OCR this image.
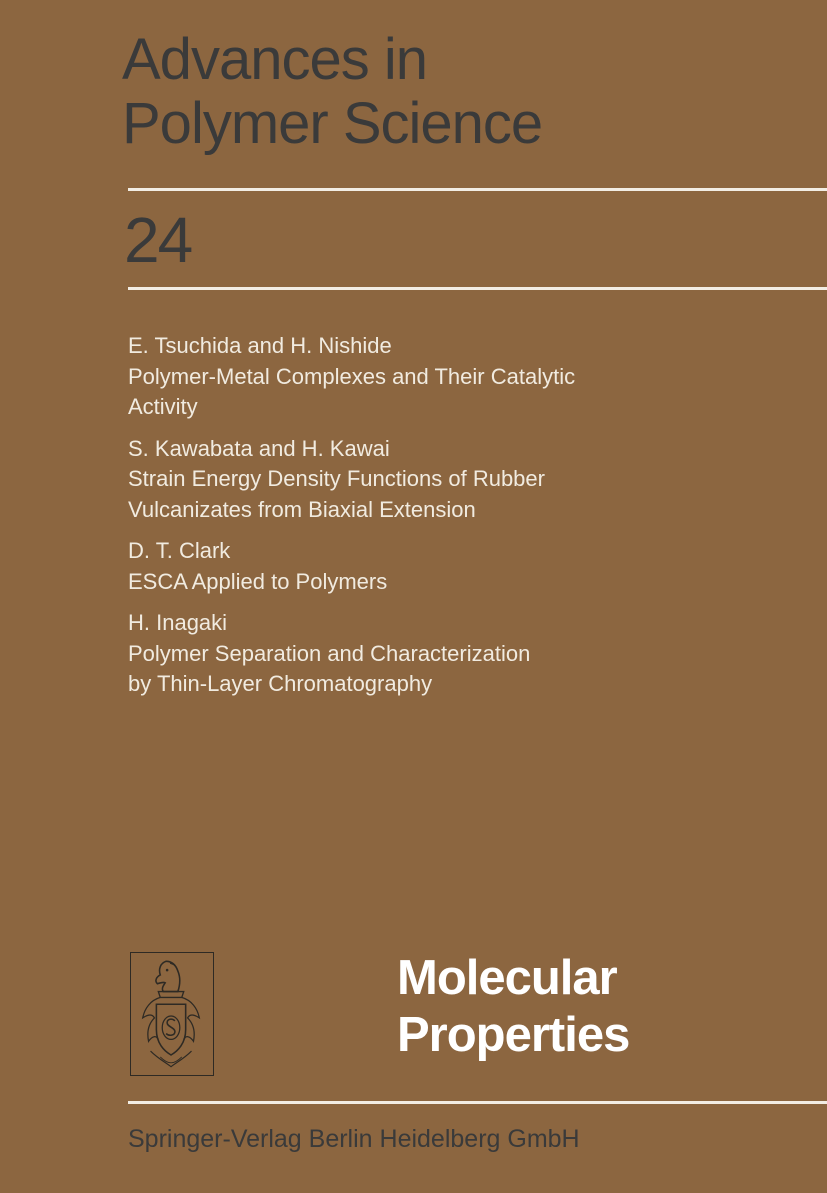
Advances in
Polymer Science
24
E. Tsuchida and H. Nishide
Polymer-Metal Complexes and Their Catalytic
Activity
S. Kawabata and H. Kawai
Strain Energy Density Functions of Rubber
Vulcanizates from Biaxial Extension
D. T. Clark
ESCA Applied to Polymers
H. Inagaki
Polymer Separation and Characterization
by Thin-Layer Chromatography
Molecular
Properties
Springer-Verlag Berlin Heidelberg GmbH
